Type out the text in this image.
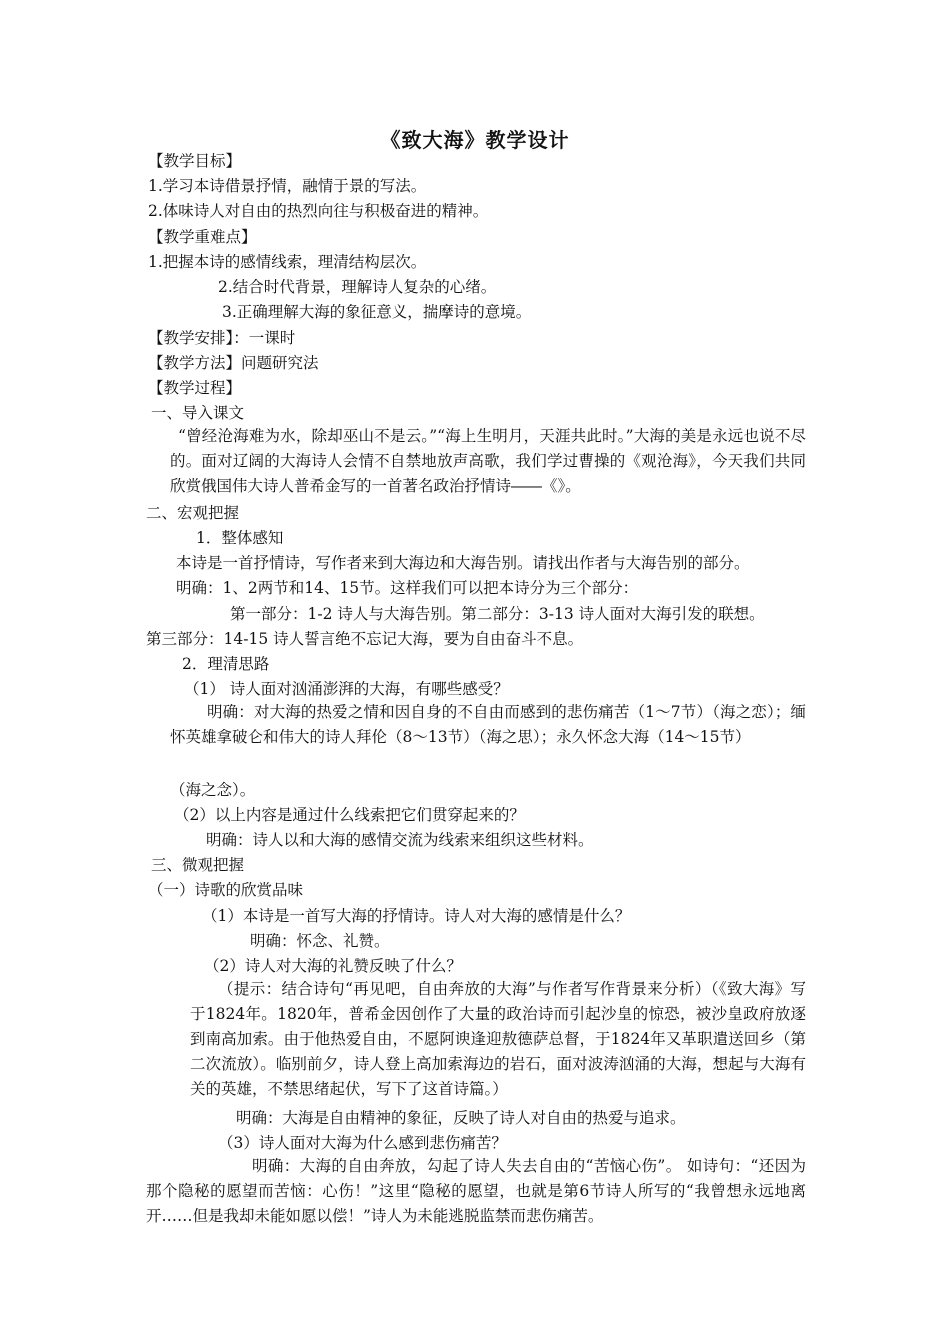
《致大海》教学设计
【教学目标】
1.学习本诗借景抒情，融情于景的写法。
2.体味诗人对自由的热烈向往与积极奋进的精神。
【教学重难点】
1.把握本诗的感情线索，理清结构层次。
2.结合时代背景，理解诗人复杂的心绪。
3.正确理解大海的象征意义，揣摩诗的意境。
【教学安排】：一课时
【教学方法】问题研究法
【教学过程】
一、导入课文
“曾经沧海难为水，除却巫山不是云。”“海上生明月，天涯共此时。”大海的美是永远也说不尽的。面对辽阔的大海诗人会情不自禁地放声高歌，我们学过曹操的《观沧海》，今天我们共同欣赏俄国伟大诗人普希金写的一首著名政治抒情诗――《》。
二、宏观把握
1．整体感知
本诗是一首抒情诗，写作者来到大海边和大海告别。请找出作者与大海告别的部分。
明确：1、2两节和14、15节。这样我们可以把本诗分为三个部分：
第一部分：1-2 诗人与大海告别。第二部分：3-13 诗人面对大海引发的联想。
第三部分：14-15 诗人誓言绝不忘记大海，要为自由奋斗不息。
2．理清思路
（1） 诗人面对汹涌澎湃的大海，有哪些感受？
明确：对大海的热爱之情和因自身的不自由而感到的悲伤痛苦（1～7节）（海之恋）；缅怀英雄拿破仑和伟大的诗人拜伦（8～13节）（海之思）；永久怀念大海（14～15节）
（海之念）。
（2）以上内容是通过什么线索把它们贯穿起来的？
明确：诗人以和大海的感情交流为线索来组织这些材料。
三、微观把握
（一）诗歌的欣赏品味
（1）本诗是一首写大海的抒情诗。诗人对大海的感情是什么？
明确：怀念、礼赞。
（2）诗人对大海的礼赞反映了什么？
（提示：结合诗句“再见吧，自由奔放的大海”与作者写作背景来分析）（《致大海》写于1824年。1820年，普希金因创作了大量的政治诗而引起沙皇的惊恐，被沙皇政府放逐到南高加索。由于他热爱自由，不愿阿谀逢迎敖德萨总督，于1824年又革职遣送回乡（第二次流放）。临别前夕，诗人登上高加索海边的岩石，面对波涛汹涌的大海，想起与大海有关的英雄，不禁思绪起伏，写下了这首诗篇。）
明确：大海是自由精神的象征，反映了诗人对自由的热爱与追求。
（3）诗人面对大海为什么感到悲伤痛苦？
明确：大海的自由奔放，勾起了诗人失去自由的“苦恼心伤”。 如诗句：“还因为那个隐秘的愿望而苦恼：心伤！”这里“隐秘的愿望，也就是第6节诗人所写的“我曾想永远地离开……但是我却未能如愿以偿！”诗人为未能逃脱监禁而悲伤痛苦。
